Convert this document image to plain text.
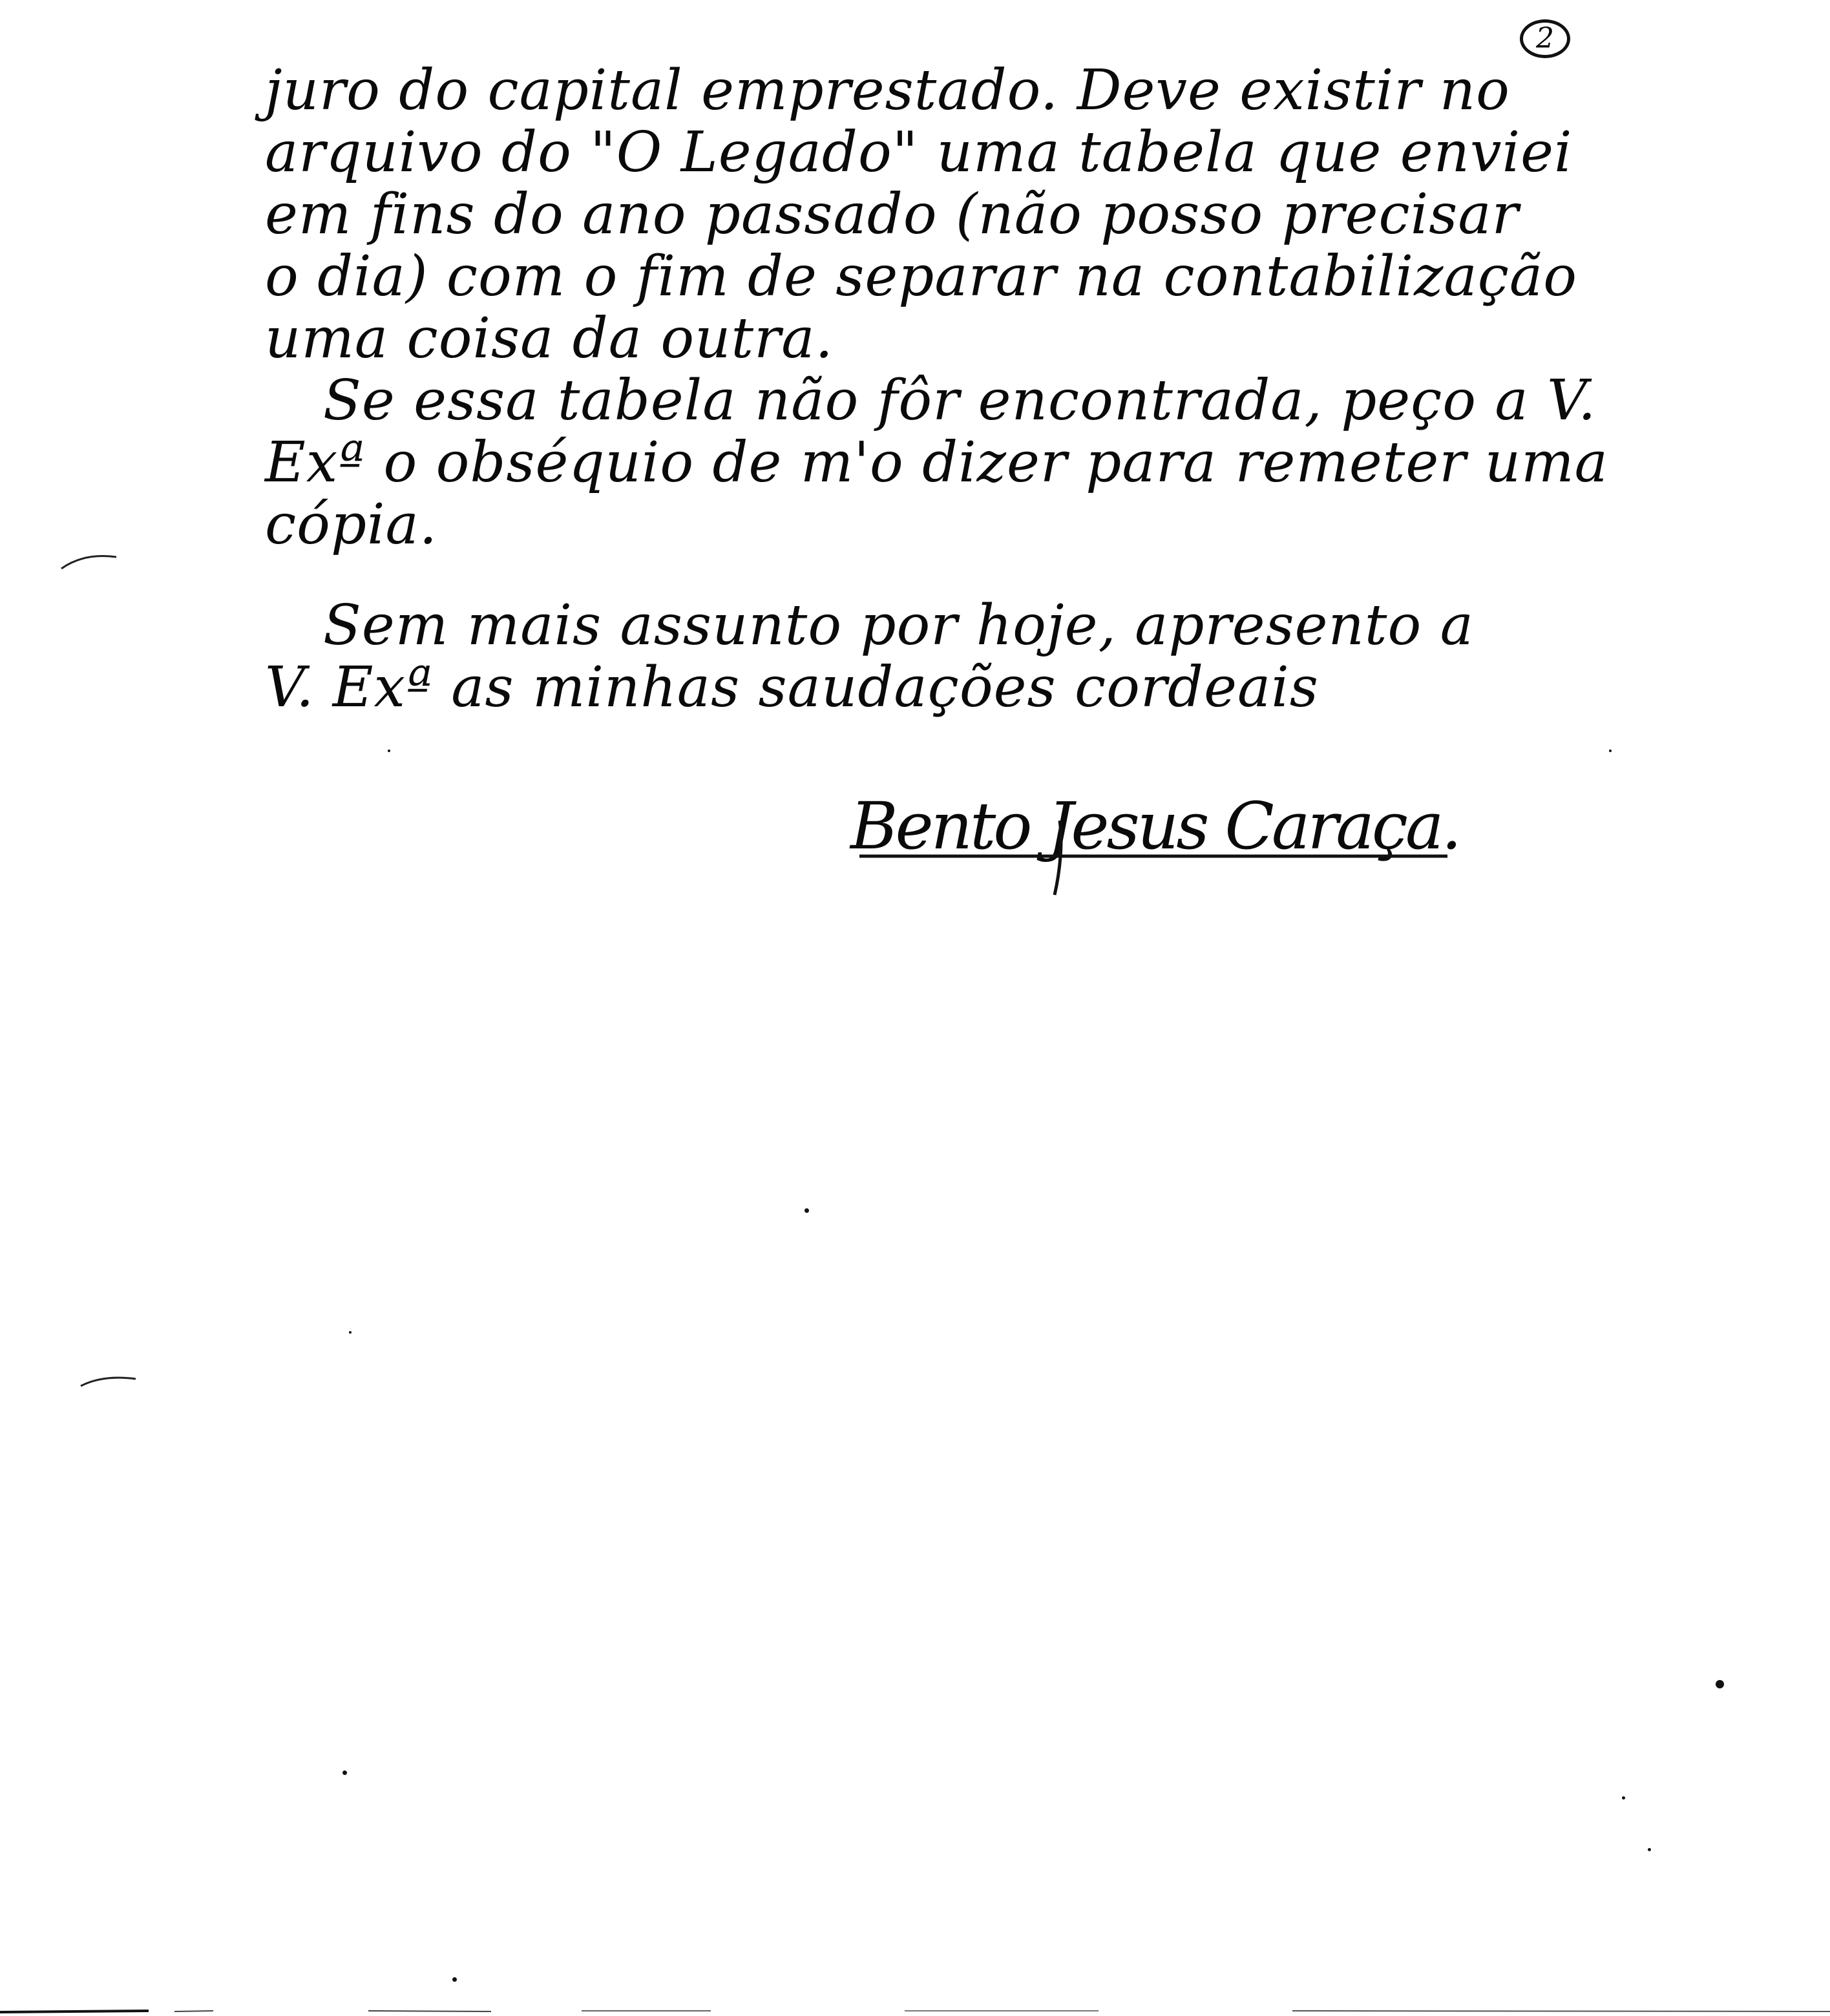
2
juro do capital emprestado. Deve existir no
arquivo do "O Legado" uma tabela que enviei
em fins do ano passado (não posso precisar
o dia) com o fim de separar na contabilização
uma coisa da outra.
Se essa tabela não fôr encontrada, peço a V.
Exª o obséquio de m'o dizer para remeter uma
cópia.
Sem mais assunto por hoje, apresento a
V. Exª as minhas saudações cordeais
Bento Jesus Caraça.
